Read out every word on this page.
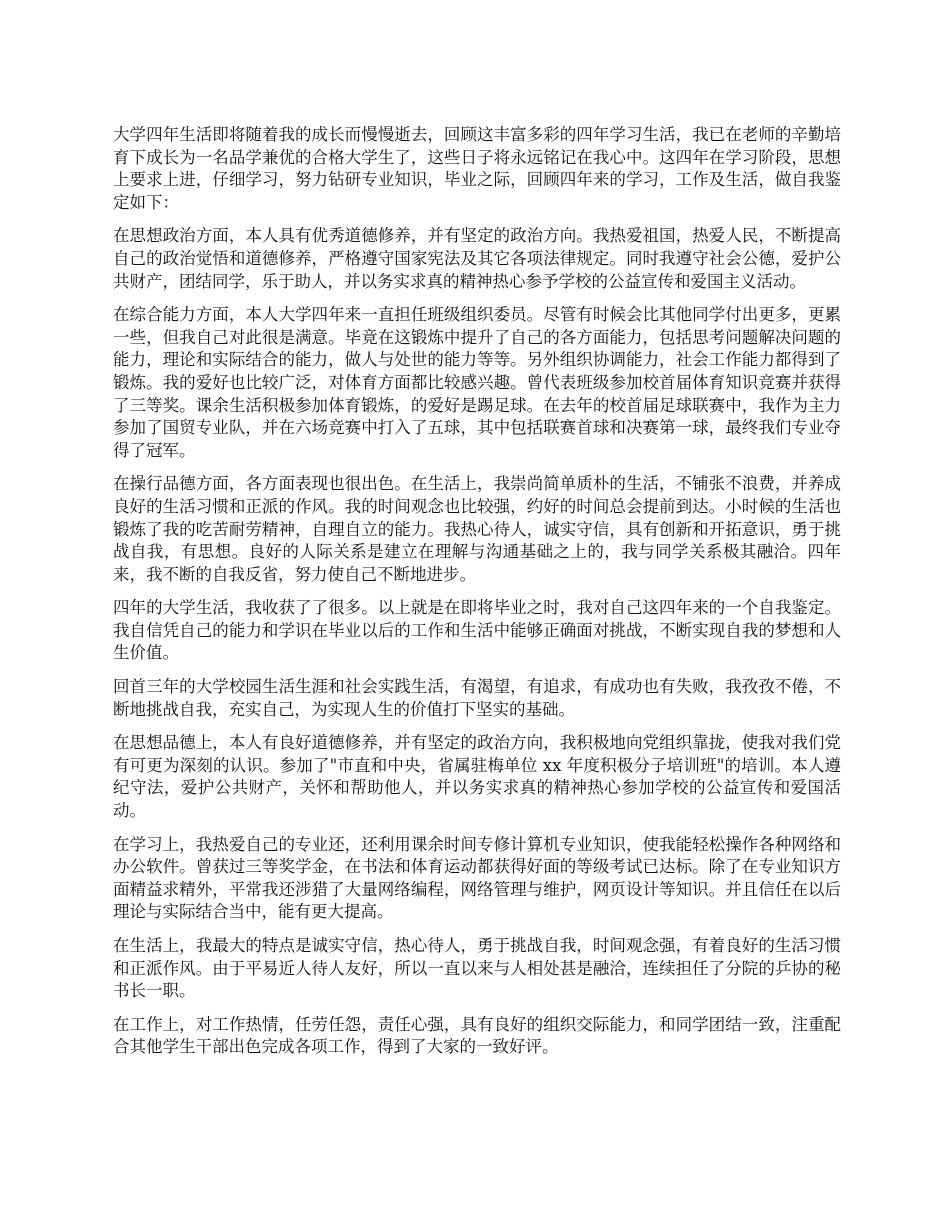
大学四年生活即将随着我的成长而慢慢逝去，回顾这丰富多彩的四年学习生活，我已在老师的辛勤培育下成长为一名品学兼优的合格大学生了，这些日子将永远铭记在我心中。这四年在学习阶段，思想上要求上进，仔细学习，努力钻研专业知识，毕业之际，回顾四年来的学习，工作及生活，做自我鉴定如下：

在思想政治方面，本人具有优秀道德修养，并有坚定的政治方向。我热爱祖国，热爱人民，不断提高自己的政治觉悟和道德修养，严格遵守国家宪法及其它各项法律规定。同时我遵守社会公德，爱护公共财产，团结同学，乐于助人，并以务实求真的精神热心参予学校的公益宣传和爱国主义活动。

在综合能力方面，本人大学四年来一直担任班级组织委员。尽管有时候会比其他同学付出更多，更累一些，但我自己对此很是满意。毕竟在这锻炼中提升了自己的各方面能力，包括思考问题解决问题的能力，理论和实际结合的能力，做人与处世的能力等等。另外组织协调能力，社会工作能力都得到了锻炼。我的爱好也比较广泛，对体育方面都比较感兴趣。曾代表班级参加校首届体育知识竞赛并获得了三等奖。课余生活积极参加体育锻炼，的爱好是踢足球。在去年的校首届足球联赛中，我作为主力参加了国贸专业队，并在六场竞赛中打入了五球，其中包括联赛首球和决赛第一球，最终我们专业夺得了冠军。

在操行品德方面，各方面表现也很出色。在生活上，我崇尚简单质朴的生活，不铺张不浪费，并养成良好的生活习惯和正派的作风。我的时间观念也比较强，约好的时间总会提前到达。小时候的生活也锻炼了我的吃苦耐劳精神，自理自立的能力。我热心待人，诚实守信，具有创新和开拓意识，勇于挑战自我，有思想。良好的人际关系是建立在理解与沟通基础之上的，我与同学关系极其融洽。四年来，我不断的自我反省，努力使自己不断地进步。

四年的大学生活，我收获了了很多。以上就是在即将毕业之时，我对自己这四年来的一个自我鉴定。我自信凭自己的能力和学识在毕业以后的工作和生活中能够正确面对挑战，不断实现自我的梦想和人生价值。

回首三年的大学校园生活生涯和社会实践生活，有渴望，有追求，有成功也有失败，我孜孜不倦，不断地挑战自我，充实自己，为实现人生的价值打下坚实的基础。

在思想品德上，本人有良好道德修养，并有坚定的政治方向，我积极地向党组织靠拢，使我对我们党有可更为深刻的认识。参加了"市直和中央，省属驻梅单位 xx 年度积极分子培训班"的培训。本人遵纪守法，爱护公共财产，关怀和帮助他人，并以务实求真的精神热心参加学校的公益宣传和爱国活动。

在学习上，我热爱自己的专业还，还利用课余时间专修计算机专业知识，使我能轻松操作各种网络和办公软件。曾获过三等奖学金，在书法和体育运动都获得好面的等级考试已达标。除了在专业知识方面精益求精外，平常我还涉猎了大量网络编程，网络管理与维护，网页设计等知识。并且信任在以后理论与实际结合当中，能有更大提高。

在生活上，我最大的特点是诚实守信，热心待人，勇于挑战自我，时间观念强，有着良好的生活习惯和正派作风。由于平易近人待人友好，所以一直以来与人相处甚是融洽，连续担任了分院的乒协的秘书长一职。

在工作上，对工作热情，任劳任怨，责任心强，具有良好的组织交际能力，和同学团结一致，注重配合其他学生干部出色完成各项工作，得到了大家的一致好评。
